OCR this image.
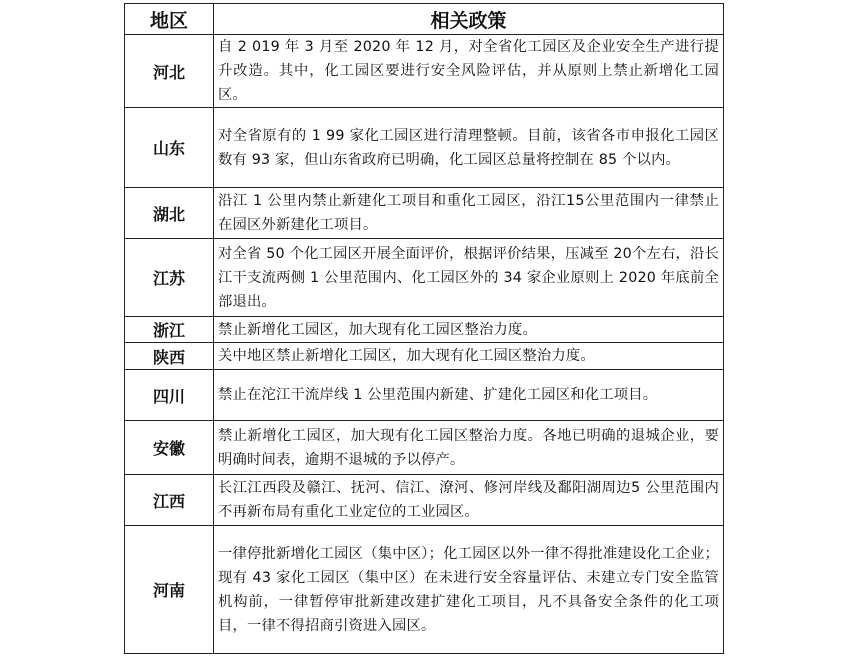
地区	相关政策
河北	自 2 019 年 3 月至 2020 年 12 月，对全省化工园区及企业安全生产进行提升改造。其中，化工园区要进行安全风险评估，并从原则上禁止新增化工园区。
山东	对全省原有的 1 99 家化工园区进行清理整顿。目前，该省各市申报化工园区数有 93 家，但山东省政府已明确，化工园区总量将控制在 85 个以内。
湖北	沿江 1 公里内禁止新建化工项目和重化工园区，沿江15公里范围内一律禁止在园区外新建化工项目。
江苏	对全省 50 个化工园区开展全面评价，根据评价结果，压减至 20个左右，沿长江干支流两侧 1 公里范围内、化工园区外的 34 家企业原则上 2020 年底前全部退出。
浙江	禁止新增化工园区，加大现有化工园区整治力度。
陕西	关中地区禁止新增化工园区，加大现有化工园区整治力度。
四川	禁止在沱江干流岸线 1 公里范围内新建、扩建化工园区和化工项目。
安徽	禁止新增化工园区，加大现有化工园区整治力度。各地已明确的退城企业，要明确时间表，逾期不退城的予以停产。
江西	长江江西段及赣江、抚河、信江、潦河、修河岸线及鄱阳湖周边5 公里范围内不再新布局有重化工业定位的工业园区。
河南	一律停批新增化工园区（集中区）；化工园区以外一律不得批准建设化工企业；现有 43 家化工园区（集中区）在未进行安全容量评估、未建立专门安全监管机构前，一律暂停审批新建改建扩建化工项目，凡不具备安全条件的化工项目，一律不得招商引资进入园区。
